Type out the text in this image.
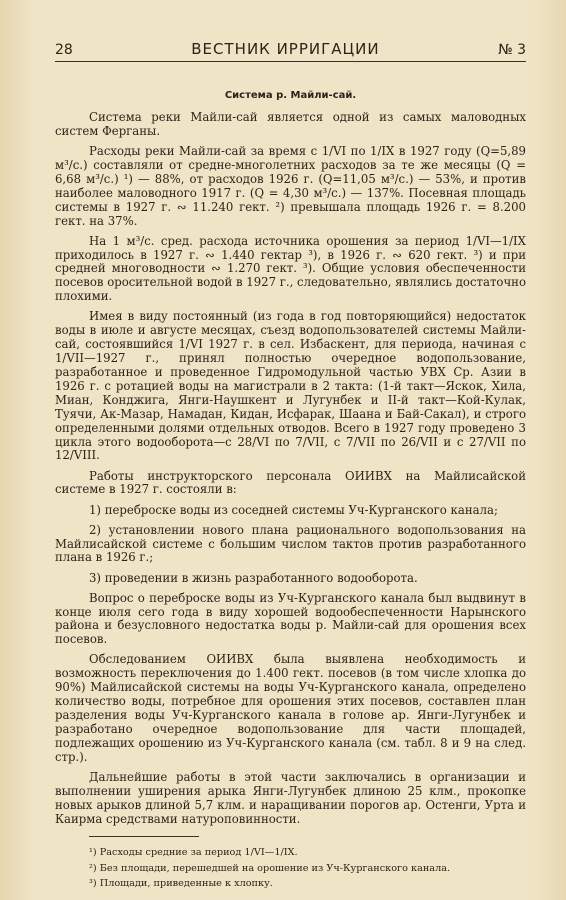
28	ВЕСТНИК ИРРИГАЦИИ	№ 3
Система р. Майли-сай.

Система реки Майли-сай является одной из самых маловодных систем Ферганы.

Расходы реки Майли-сай за время с 1/VI по 1/IX в 1927 году (Q=5,89 м³/с.) составляли от средне-многолетних расходов за те же месяцы (Q = 6,68 м³/с.) ¹) — 88%, от расходов 1926 г. (Q=11,05 м³/с.) — 53%, и против наиболее маловодного 1917 г. (Q = 4,30 м³/с.) — 137%. Посевная площадь системы в 1927 г. ∾ 11.240 гект. ²) превышала площадь 1926 г. = 8.200 гект. на 37%.

На 1 м³/с. сред. расхода источника орошения за период 1/VI—1/IX приходилось в 1927 г. ∾ 1.440 гектар ³), в 1926 г. ∾ 620 гект. ³) и при средней многоводности ∾ 1.270 гект. ³). Общие условия обеспеченности посевов оросительной водой в 1927 г., следовательно, являлись достаточно плохими.

Имея в виду постоянный (из года в год повторяющийся) недостаток воды в июле и августе месяцах, съезд водопользователей системы Майли-сай, состоявшийся 1/VI 1927 г. в сел. Избаскент, для периода, начиная с 1/VII—1927 г., принял полностью очередное водопользование, разработанное и проведенное Гидромодульной частью УВХ Ср. Азии в 1926 г. с ротацией воды на магистрали в 2 такта: (1-й такт—Яскок, Хила, Миан, Конджига, Янги-Наушкент и Лугунбек и II-й такт—Кой-Кулак, Туячи, Ак-Мазар, Намадан, Кидан, Исфарак, Шаана и Бай-Сакал), и строго определенными долями отдельных отводов. Всего в 1927 году проведено 3 цикла этого водооборота—с 28/VI по 7/VII, с 7/VII по 26/VII и с 27/VII по 12/VIII.

Работы инструкторского персонала ОИИВХ на Майлисайской системе в 1927 г. состояли в:

1) переброске воды из соседней системы Уч-Курганского канала;

2) установлении нового плана рационального водопользования на Майлисайской системе с большим числом тактов против разработанного плана в 1926 г.;

3) проведении в жизнь разработанного водооборота.

Вопрос о переброске воды из Уч-Курганского канала был выдвинут в конце июля сего года в виду хорошей водообеспеченности Нарынского района и безусловного недостатка воды р. Майли-сай для орошения всех посевов.

Обследованием ОИИВХ была выявлена необходимость и возможность переключения до 1.400 гект. посевов (в том числе хлопка до 90%) Майлисайской системы на воды Уч-Курганского канала, определено количество воды, потребное для орошения этих посевов, составлен план разделения воды Уч-Курганского канала в голове ар. Янги-Лугунбек и разработано очередное водопользование для части площадей, подлежащих орошению из Уч-Курганского канала (см. табл. 8 и 9 на след. стр.).

Дальнейшие работы в этой части заключались в организации и выполнении уширения арыка Янги-Лугунбек длиною 25 клм., прокопке новых арыков длиной 5,7 клм. и наращивании порогов ар. Остенги, Урта и Каирма средствами натуроповинности.

¹) Расходы средние за период 1/VI—1/IX.
²) Без площади, перешедшей на орошение из Уч-Курганского канала.
³) Площади, приведенные к хлопку.
